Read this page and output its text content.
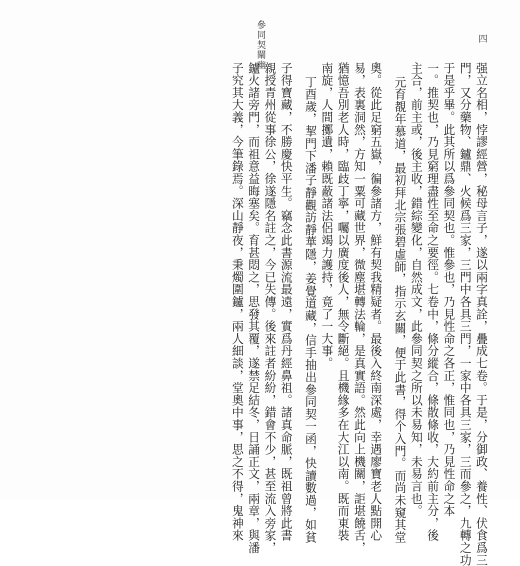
參同契闡幽	四
强立名相，悖謬經營，秘母言子，遂以兩字真詮，疊成七卷。于是，分御政、養性、伏食爲三
門，又分藥物、鑪鼎、火候爲三家，三門中各具三門，一家中各具三家，三而參之，九轉之功
于是乎畢。此其所以爲參同契也。惟參也，乃見性命之各正，惟同也，乃見性命之本
一。推契也，乃見窮理盡性至命之要徑。七卷中，條分縱合，條散條收，大約前主分，後
主合，前主或，後主收，錯綜變化，自然成文，此參同契之所以未易知，未易言也。
元育覩年慕道，最初拜北宗張碧虛師，指示玄關，便于此書，得个入門。而尚未窺其堂
奧。從此足窮五嶽，徧參諸方，鮮有契我精疑者。最後入終南深處，幸遇廖寶老人點開心
易，表裏洞然，方知一粟可藏世界，微塵堪轉法輪，是真實語。然此向上機關，詎堪饒舌，
猶憶吾別老人時，臨歧丁寧，囑以廣度後人，無令斷絕。且機緣多在大江以南。既而東裝
南旋，人間擲遺，賴既蔽諸法侶竭力護持，竟了一大事。
丁酉歲，挈門下潘子靜觀訪靜華隱，姜覺道藏，信手抽出參同契一函，快讀數過，如貧
子得寶藏，不勝慶快平生。竊念此書源流最遠，實爲丹經鼻祖。諸真命脈，既祖曾將此書
親授青州從事徐公，徐遂隱名註之，今已失傳。後來註者紛紛，錯會不少，甚至流入旁家，
鑪火諸旁門，而祖意益晦塞矣。育甚悶之，思發其覆，遂禁足結冬，日誦正文，兩章，與潘
子究其大義，今筆錄焉。深山靜夜，秉燭圍鑪，兩人細談，堂奧中事，思之不得，鬼神來
